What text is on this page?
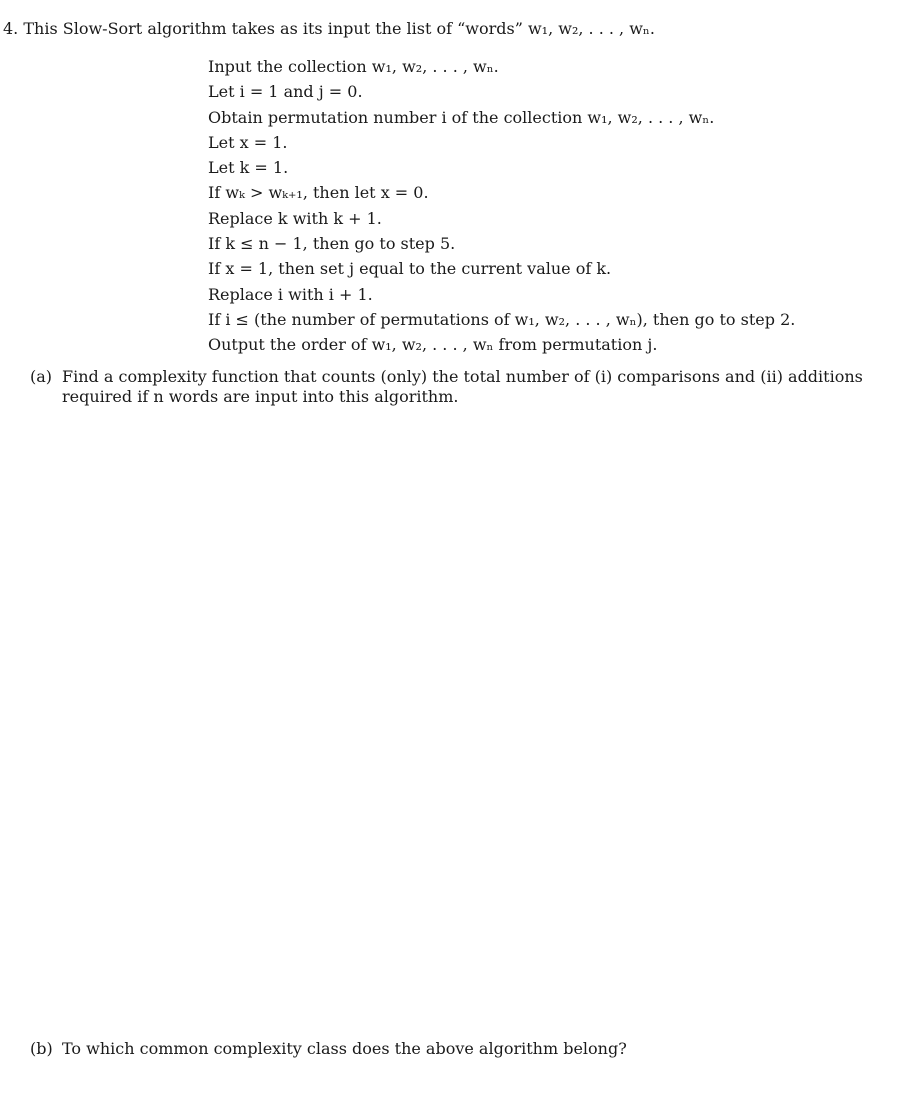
4. This Slow-Sort algorithm takes as its input the list of “words” w₁, w₂, . . . , wₙ.
Input the collection w₁, w₂, . . . , wₙ.
Let i = 1 and j = 0.
Obtain permutation number i of the collection w₁, w₂, . . . , wₙ.
Let x = 1.
Let k = 1.
If wₖ > wₖ₊₁, then let x = 0.
Replace k with k + 1.
If k ≤ n − 1, then go to step 5.
If x = 1, then set j equal to the current value of k.
Replace i with i + 1.
If i ≤ (the number of permutations of w₁, w₂, . . . , wₙ), then go to step 2.
Output the order of w₁, w₂, . . . , wₙ from permutation j.
(a) Find a complexity function that counts (only) the total number of (i) comparisons and (ii) additions required if n words are input into this algorithm.
(b) To which common complexity class does the above algorithm belong?
